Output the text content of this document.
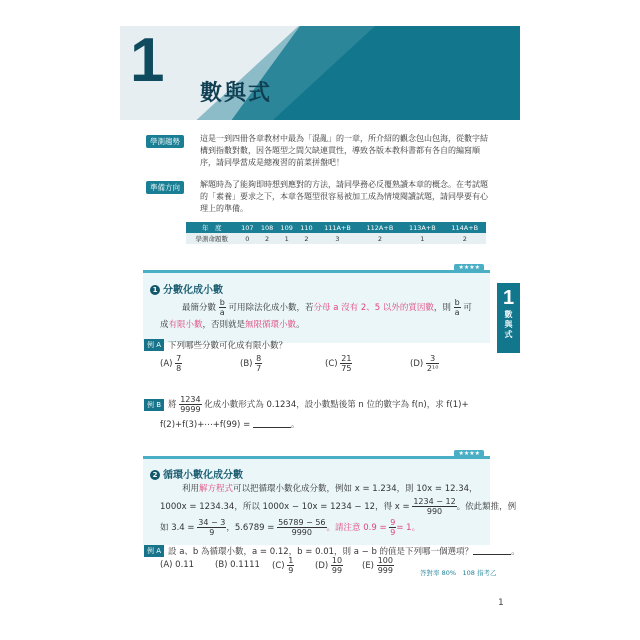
1 數與式
學測趨勢	這是一到四冊各章教材中最為「混亂」的一章，所介紹的觀念包山包海，從數字結構到指數對數，因各題型之間欠缺連貫性，導致各版本教科書都有各自的編寫順序，請同學當成是總複習的前菜拼盤吧！
準備方向	解題時為了能夠即時想到應對的方法，請同學務必反覆熟讀本章的概念。在考試題的「素養」要求之下，本章各題型很容易被加工成為情境閱讀試題，請同學要有心理上的準備。
年　度	107	108	109	110	111A+B	112A+B	113A+B	114A+B
學測命題數	0	2	1	2	3	2	1	2
★★★★
1 分數化成小數
最簡分數 $\frac{b}{a}$ 可用除法化成小數，若分母 a 沒有 2、5 以外的質因數，則 $\frac{b}{a}$ 可
成有限小數，否則就是無限循環小數。
1
數
與
式
例 A 下列哪些分數可化成有限小數？
$(A) \frac{7}{8}$	$(B) \frac{8}{7}$	$(C) \frac{21}{75}$	$(D) \frac{3}{\text{2¹⁰}}$
例 B 將 $\frac{1234}{9999}$ 化成小數形式為 0.1234，設小數點後第 n 位的數字為 f(n)，求 f(1)+
f(2)+f(3)+⋯+f(99) =	。
★★★★
2 循環小數化成分數
利用解方程式可以把循環小數化成分數，例如 x = 1.234，則 10x = 12.34，
1000x = 1234.34，所以 1000x − 10x = 1234 − 12，得 $x = \frac{1234 - 12}{990}$ 。依此類推，例
如 $3.4 = \frac{34 - 3}{9}$ ，$5.6789 = \frac{56789 - 56}{9990}$ 。請注意 $0.9 = \frac{9}{9} = 1$。
例 A 設 a、b 為循環小數，a = 0.12，b = 0.01，則 a − b 的值是下列哪一個選項？	。
(A) 0.11 (B) 0.1111 $(C) \frac{1}{9} (D) \frac{10}{99} (E) \frac{100}{999}$	答對率 80%　108 指考乙
1
